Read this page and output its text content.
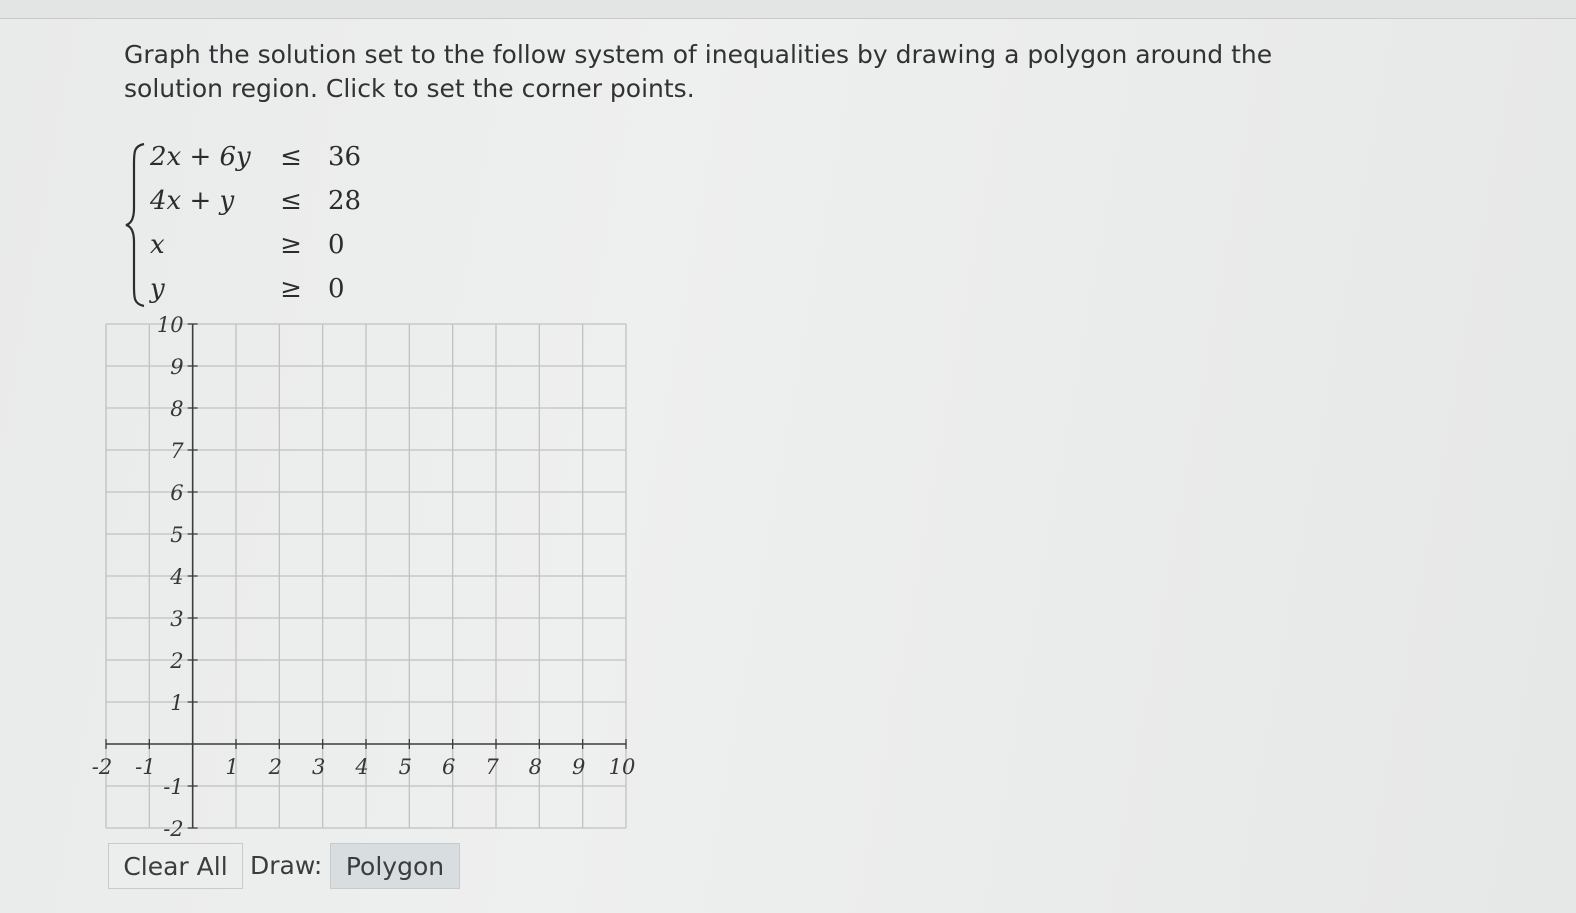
Graph the solution set to the follow system of inequalities by drawing a polygon around the solution region. Click to set the corner points.

2x + 6y ≤ 36
4x + y ≤ 28
x	≥ 0
y	≥ 0
-2 -1	1 2 3 4 5 6 7 8 9 10
10
9
8
7
6
5
4
3
2
1
-1
-2
Clear All Draw: Polygon
